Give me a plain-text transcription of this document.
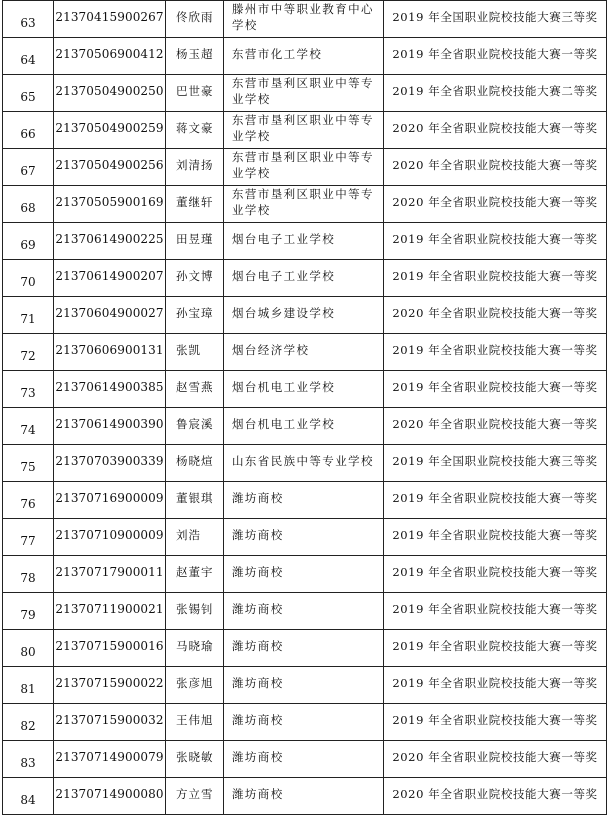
63	21370415900267	佟欣雨	滕州市中等职业教育中心学校	2019 年全国职业院校技能大赛三等奖
64	21370506900412	杨玉超	东营市化工学校	2019 年全省职业院校技能大赛一等奖
65	21370504900250	巴世豪	东营市垦利区职业中等专业学校	2019 年全省职业院校技能大赛二等奖
66	21370504900259	蒋文豪	东营市垦利区职业中等专业学校	2020 年全省职业院校技能大赛一等奖
67	21370504900256	刘清扬	东营市垦利区职业中等专业学校	2020 年全省职业院校技能大赛一等奖
68	21370505900169	董继轩	东营市垦利区职业中等专业学校	2020 年全省职业院校技能大赛一等奖
69	21370614900225	田昱瑾	烟台电子工业学校	2019 年全省职业院校技能大赛一等奖
70	21370614900207	孙文博	烟台电子工业学校	2019 年全省职业院校技能大赛一等奖
71	21370604900027	孙宝璋	烟台城乡建设学校	2020 年全省职业院校技能大赛一等奖
72	21370606900131	张凯	烟台经济学校	2019 年全省职业院校技能大赛一等奖
73	21370614900385	赵雪燕	烟台机电工业学校	2019 年全省职业院校技能大赛一等奖
74	21370614900390	鲁宸溪	烟台机电工业学校	2020 年全省职业院校技能大赛一等奖
75	21370703900339	杨晓煊	山东省民族中等专业学校	2019 年全国职业院校技能大赛三等奖
76	21370716900009	董银琪	潍坊商校	2019 年全省职业院校技能大赛一等奖
77	21370710900009	刘浩	潍坊商校	2019 年全省职业院校技能大赛一等奖
78	21370717900011	赵董宇	潍坊商校	2019 年全省职业院校技能大赛一等奖
79	21370711900021	张锡钊	潍坊商校	2019 年全省职业院校技能大赛一等奖
80	21370715900016	马晓瑜	潍坊商校	2019 年全省职业院校技能大赛一等奖
81	21370715900022	张彦旭	潍坊商校	2019 年全省职业院校技能大赛一等奖
82	21370715900032	王伟旭	潍坊商校	2019 年全省职业院校技能大赛一等奖
83	21370714900079	张晓敏	潍坊商校	2020 年全省职业院校技能大赛一等奖
84	21370714900080	方立雪	潍坊商校	2020 年全省职业院校技能大赛一等奖
